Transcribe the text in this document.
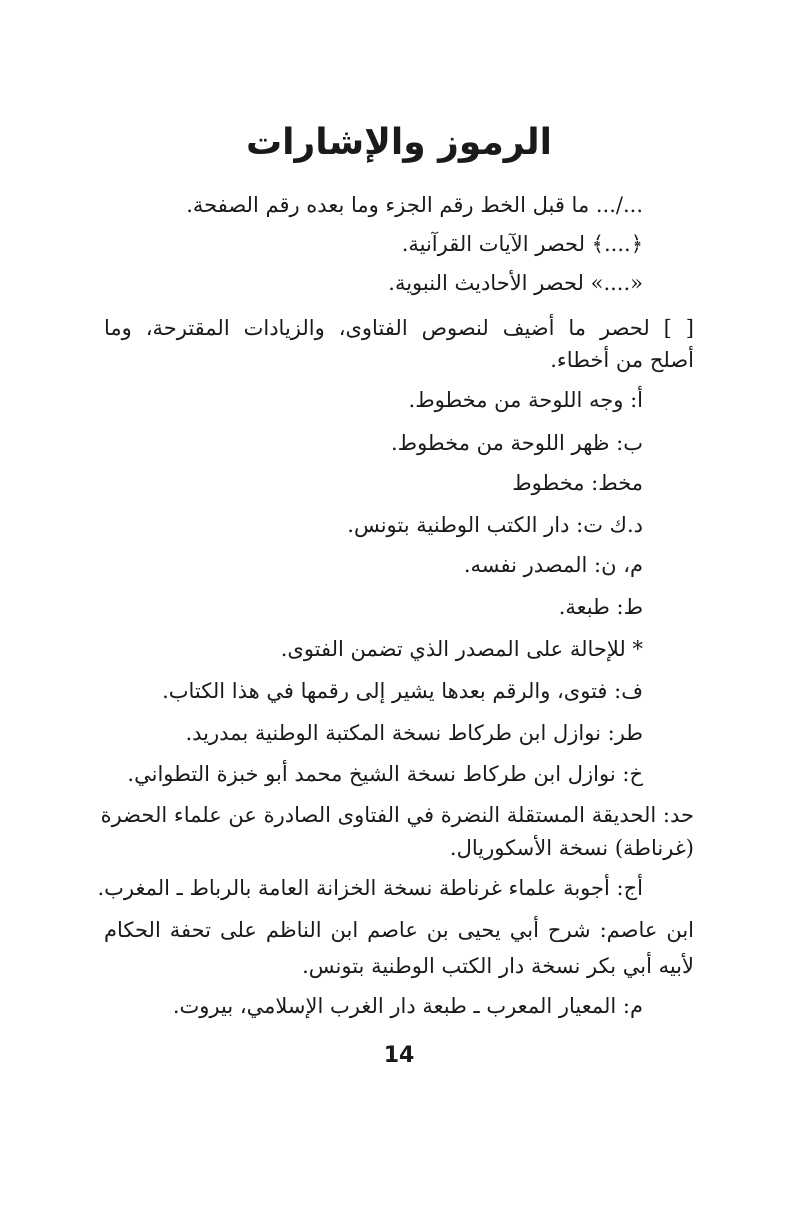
الرموز والإشارات
.../... ما قبل الخط رقم الجزء وما بعده رقم الصفحة.
﴿....﴾ لحصر الآيات القرآنية.
«....» لحصر الأحاديث النبوية.
[ ] لحصر ما أضيف لنصوص الفتاوى، والزيادات المقترحة، وما
أصلح من أخطاء.
أ: وجه اللوحة من مخطوط.
ب: ظهر اللوحة من مخطوط.
مخط: مخطوط
د.ك ت: دار الكتب الوطنية بتونس.
م، ن: المصدر نفسه.
ط: طبعة.
* للإحالة على المصدر الذي تضمن الفتوى.
ف: فتوى، والرقم بعدها يشير إلى رقمها في هذا الكتاب.
طر: نوازل ابن طركاط نسخة المكتبة الوطنية بمدريد.
خ: نوازل ابن طركاط نسخة الشيخ محمد أبو خبزة التطواني.
حد: الحديقة المستقلة النضرة في الفتاوى الصادرة عن علماء الحضرة
(غرناطة) نسخة الأسكوريال.
أج: أجوبة علماء غرناطة نسخة الخزانة العامة بالرباط ـ المغرب.
ابن عاصم: شرح أبي يحيى بن عاصم ابن الناظم على تحفة الحكام
لأبيه أبي بكر نسخة دار الكتب الوطنية بتونس.
م: المعيار المعرب ـ طبعة دار الغرب الإسلامي، بيروت.
14
